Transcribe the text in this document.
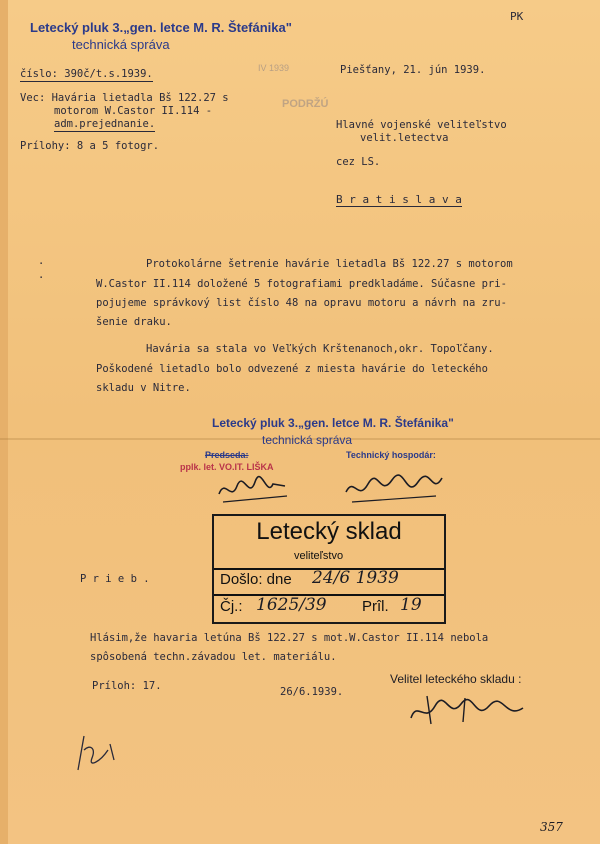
PK
Letecký pluk 3.„gen. letce M. R. Štefánika"
technická správa
číslo: 390č/t.s.1939.
Vec: Havária lietadla Bš 122.27 s
motorom W.Castor II.114 -
adm.prejednanie.
Prílohy: 8 a 5 fotogr.
Piešťany, 21. jún 1939.
IV 1939
PODRŽÚ
Hlavné vojenské veliteľstvo
velit.letectva
cez LS.
B r a t i s l a v a
·
·
Protokolárne šetrenie havárie lietadla Bš 122.27 s motorom
W.Castor II.114 doložené 5 fotografiami predkladáme. Súčasne pri-
pojujeme správkový list číslo 48 na opravu motoru a návrh na zru-
šenie draku.
Havária sa stala vo Veľkých Krštenanoch,okr. Topoľčany.
Poškodené lietadlo bolo odvezené z miesta havárie do leteckého
skladu v Nitre.
Letecký pluk 3.„gen. letce M. R. Štefánika"
technická správa
Predseda:
pplk. let. VO.IT. LIŠKA
Technický hospodár:
Letecký sklad
veliteľstvo
Došlo: dne 24/6 1939
Čj.: 1625/39 Prîl. 19
P r i e b .
Hlásim,že havaria letúna Bš 122.27 s mot.W.Castor II.114 nebola
spôsobená techn.závadou let. materiálu.
Príloh: 17.	26/6.1939.
Velitel leteckého skladu :
357
